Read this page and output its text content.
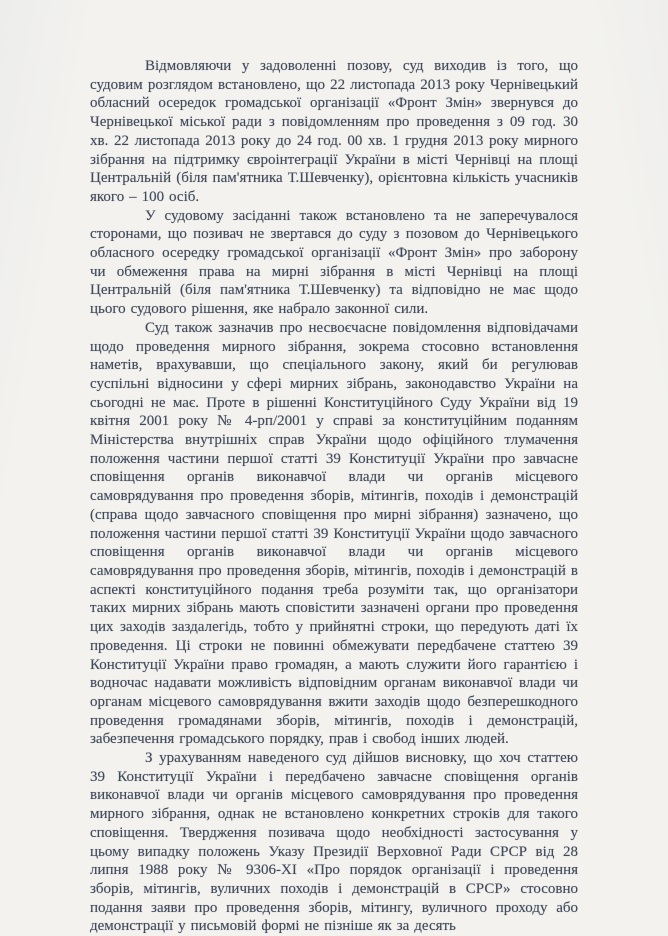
Відмовляючи у задоволенні позову, суд виходив із того, що судовим розглядом встановлено, що 22 листопада 2013 року Чернівецький обласний осередок громадської організації «Фронт Змін» звернувся до Чернівецької міської ради з повідомленням про проведення з 09 год. 30 хв. 22 листопада 2013 року до 24 год. 00 хв. 1 грудня 2013 року мирного зібрання на підтримку євроінтеграції України в місті Чернівці на площі Центральній (біля пам'ятника Т.Шевченку), орієнтовна кількість учасників якого – 100 осіб.

У судовому засіданні також встановлено та не заперечувалося сторонами, що позивач не звертався до суду з позовом до Чернівецького обласного осередку громадської організації «Фронт Змін» про заборону чи обмеження права на мирні зібрання в місті Чернівці на площі Центральній (біля пам'ятника Т.Шевченку) та відповідно не має щодо цього судового рішення, яке набрало законної сили.

Суд також зазначив про несвоєчасне повідомлення відповідачами щодо проведення мирного зібрання, зокрема стосовно встановлення наметів, врахувавши, що спеціального закону, який би регулював суспільні відносини у сфері мирних зібрань, законодавство України на сьогодні не має. Проте в рішенні Конституційного Суду України від 19 квітня 2001 року № 4-рп/2001 у справі за конституційним поданням Міністерства внутрішніх справ України щодо офіційного тлумачення положення частини першої статті 39 Конституції України про завчасне сповіщення органів виконавчої влади чи органів місцевого самоврядування про проведення зборів, мітингів, походів і демонстрацій (справа щодо завчасного сповіщення про мирні зібрання) зазначено, що положення частини першої статті 39 Конституції України щодо завчасного сповіщення органів виконавчої влади чи органів місцевого самоврядування про проведення зборів, мітингів, походів і демонстрацій в аспекті конституційного подання треба розуміти так, що організатори таких мирних зібрань мають сповістити зазначені органи про проведення цих заходів заздалегідь, тобто у прийнятні строки, що передують даті їх проведення. Ці строки не повинні обмежувати передбачене статтею 39 Конституції України право громадян, а мають служити його гарантією і водночас надавати можливість відповідним органам виконавчої влади чи органам місцевого самоврядування вжити заходів щодо безперешкодного проведення громадянами зборів, мітингів, походів і демонстрацій, забезпечення громадського порядку, прав і свобод інших людей.

З урахуванням наведеного суд дійшов висновку, що хоч статтею 39 Конституції України і передбачено завчасне сповіщення органів виконавчої влади чи органів місцевого самоврядування про проведення мирного зібрання, однак не встановлено конкретних строків для такого сповіщення. Твердження позивача щодо необхідності застосування у цьому випадку положень Указу Президії Верховної Ради СРСР від 28 липня 1988 року № 9306-XI «Про порядок організації і проведення зборів, мітингів, вуличних походів і демонстрацій в СРСР» стосовно подання заяви про проведення зборів, мітингу, вуличного проходу або демонстрації у письмовій формі не пізніше як за десять
